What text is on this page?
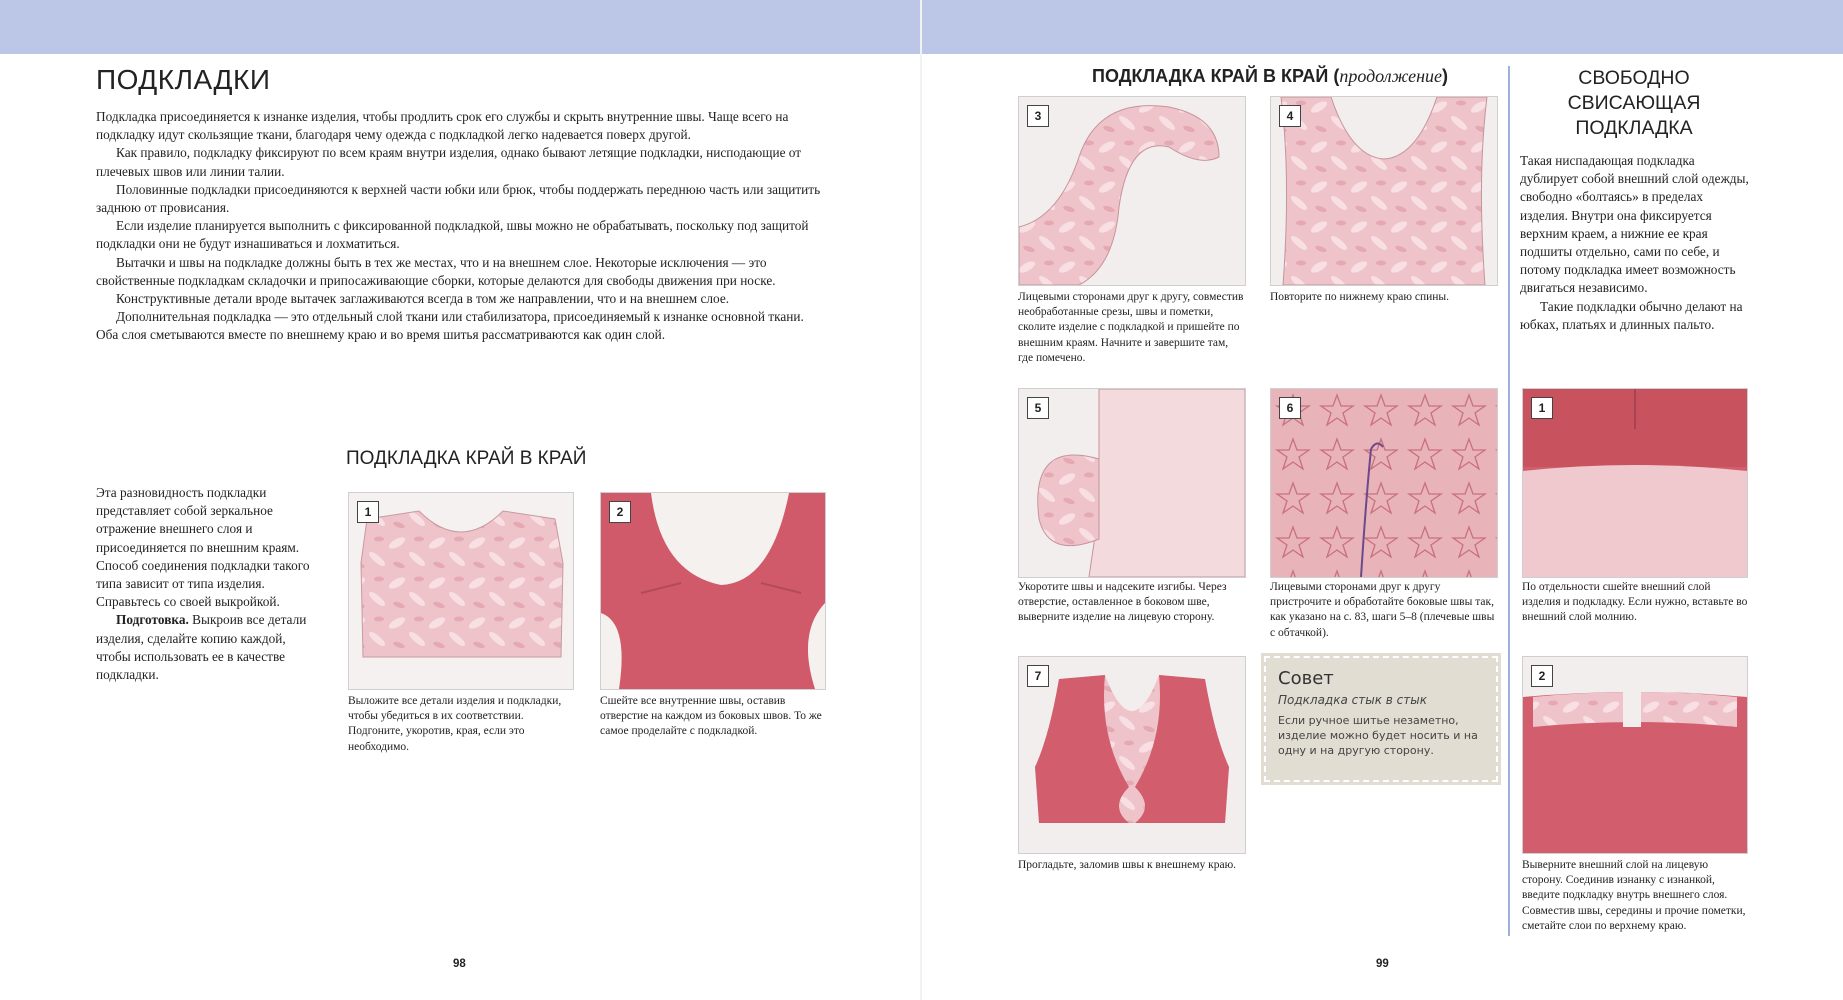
ПОДКЛАДКИ

Подкладка присоединяется к изнанке изделия, чтобы продлить срок его службы и скрыть внутренние швы. Чаще всего на подкладку идут скользящие ткани, благодаря чему одежда с подкладкой легко надевается поверх другой.

Как правило, подкладку фиксируют по всем краям внутри изделия, однако бывают летящие подкладки, нисподающие от плечевых швов или линии талии.

Половинные подкладки присоединяются к верхней части юбки или брюк, чтобы поддержать переднюю часть или защитить заднюю от провисания.

Если изделие планируется выполнить с фиксированной подкладкой, швы можно не обрабатывать, поскольку под защитой подкладки они не будут изнашиваться и лохматиться.

Вытачки и швы на подкладке должны быть в тех же местах, что и на внешнем слое. Некоторые исключения — это свойственные подкладкам складочки и припосаживающие сборки, которые делаются для свободы движения при носке.

Конструктивные детали вроде вытачек заглаживаются всегда в том же направлении, что и на внешнем слое.

Дополнительная подкладка — это отдельный слой ткани или стабилизатора, присоединяемый к изнанке основной ткани. Оба слоя сметываются вместе по внешнему краю и во время шитья рассматриваются как один слой.

ПОДКЛАДКА КРАЙ В КРАЙ

Эта разновидность подкладки представляет собой зеркальное отражение внешнего слоя и присоединяется по внешним краям. Способ соединения подкладки такого типа зависит от типа изделия. Справьтесь со своей выкройкой.

Подготовка. Выкроив все детали изделия, сделайте копию каждой, чтобы использовать ее в качестве подкладки.

1
Выложите все детали изделия и подкладки, чтобы убедиться в их соответствии. Подгоните, укоротив, края, если это необходимо.
2
Сшейте все внутренние швы, оставив отверстие на каждом из боковых швов. То же самое проделайте с подкладкой.
98
ПОДКЛАДКА КРАЙ В КРАЙ (продолжение)
3
Лицевыми сторонами друг к другу, совместив необработанные срезы, швы и пометки, сколите изделие с подкладкой и пришейте по внешним краям. Начните и завершите там, где помечено.
4
Повторите по нижнему краю спины.
5
Укоротите швы и надсеките изгибы. Через отверстие, оставленное в боковом шве, выверните изделие на лицевую сторону.
6
Лицевыми сторонами друг к другу пристрочите и обработайте боковые швы так, как указано на с. 83, шаги 5–8 (плечевые швы с обтачкой).
7
Прогладьте, заломив швы к внешнему краю.

Совет

Подкладка стык в стык

Если ручное шитье незаметно, изделие можно будет носить и на одну и на другую сторону.

СВОБОДНО СВИСАЮЩАЯ ПОДКЛАДКА

Такая ниспадающая подкладка дублирует собой внешний слой одежды, свободно «болтаясь» в пределах изделия. Внутри она фиксируется верхним краем, а нижние ее края подшиты отдельно, сами по себе, и потому подкладка имеет возможность двигаться независимо.

Такие подкладки обычно делают на юбках, платьях и длинных пальто.

1
По отдельности сшейте внешний слой изделия и подкладку. Если нужно, вставьте во внешний слой молнию.
2
Выверните внешний слой на лицевую сторону. Соединив изнанку с изнанкой, введите подкладку внутрь внешнего слоя. Совместив швы, середины и прочие пометки, сметайте слои по верхнему краю.
99
